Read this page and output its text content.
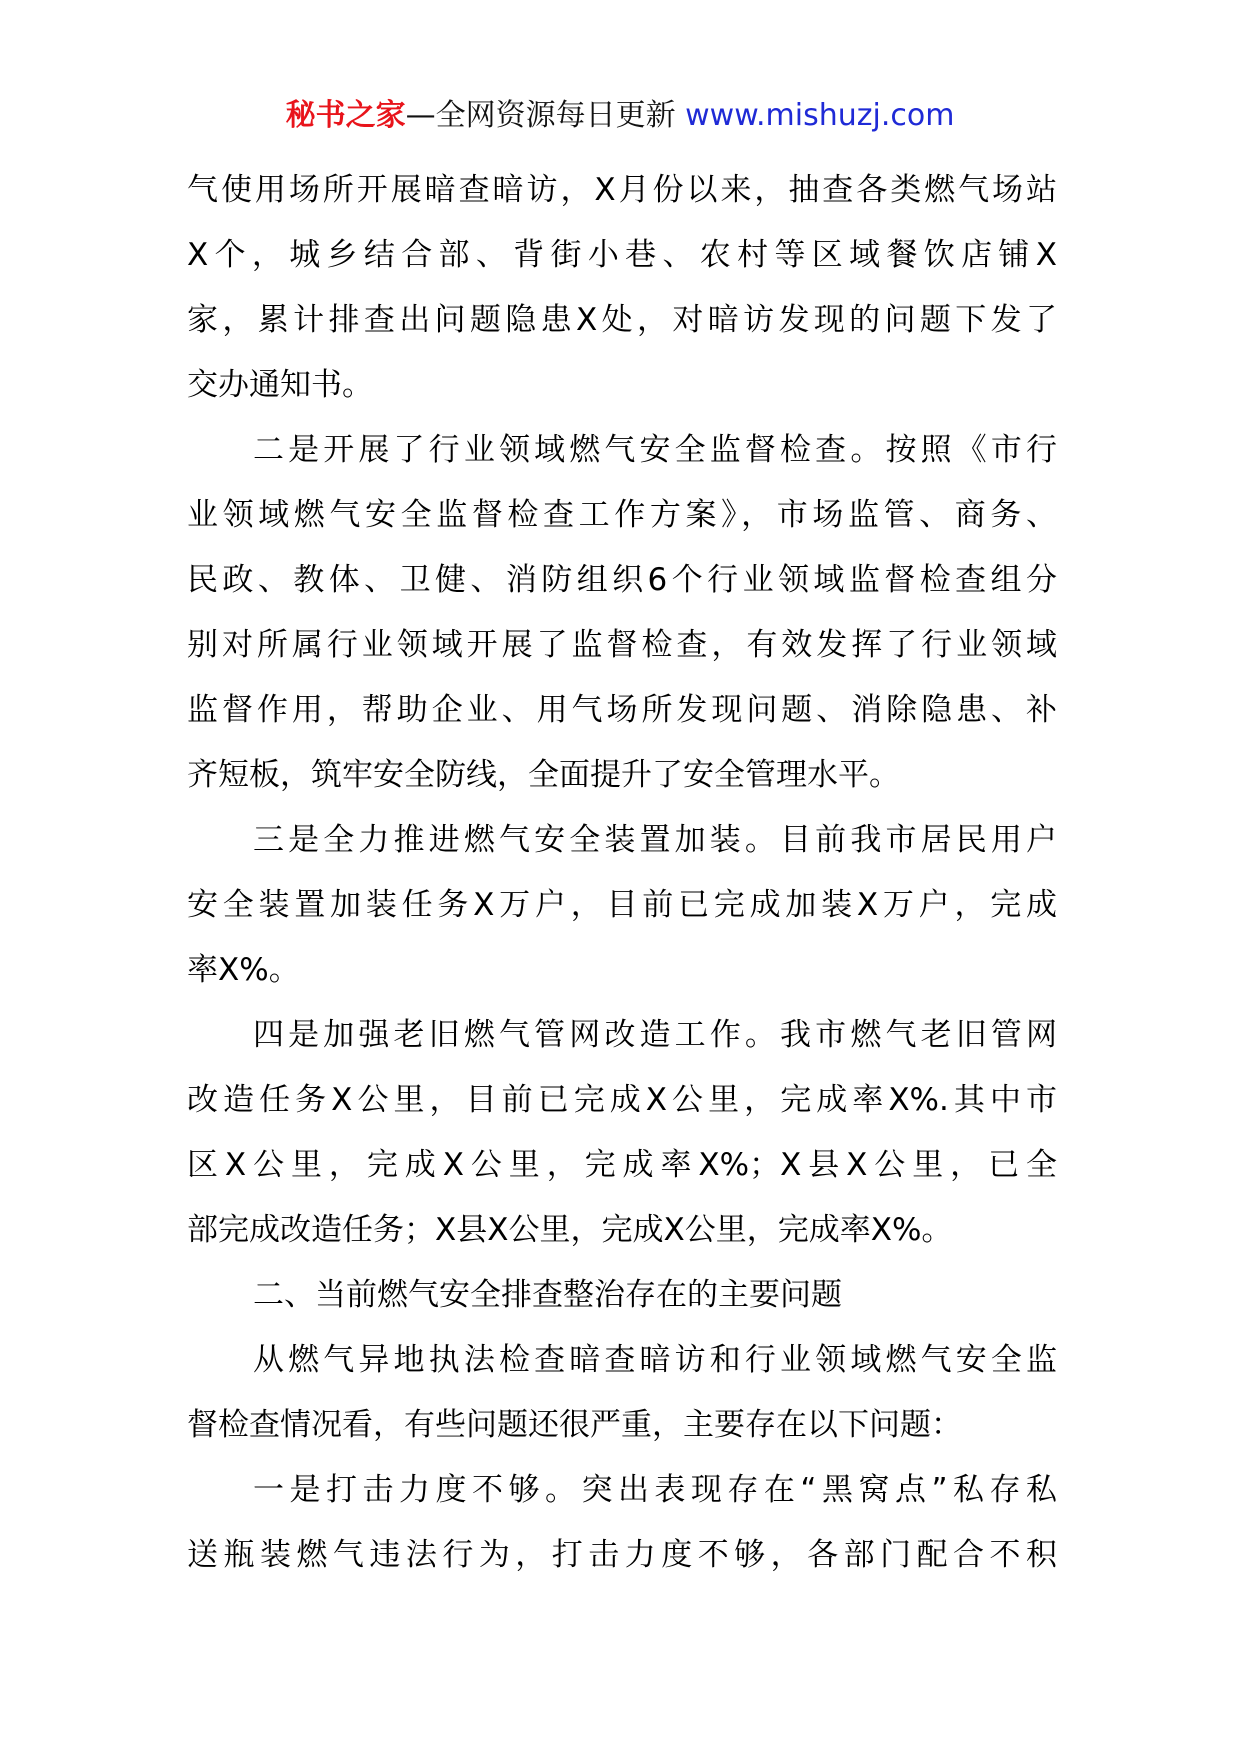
秘书之家—全网资源每日更新 www.mishuzj.com
气使用场所开展暗查暗访，X月份以来，抽查各类燃气场站
X个，城乡结合部、背街小巷、农村等区域餐饮店铺X
家，累计排查出问题隐患X处，对暗访发现的问题下发了
交办通知书。
二是开展了行业领域燃气安全监督检查。按照《市行
业领域燃气安全监督检查工作方案》，市场监管、商务、
民政、教体、卫健、消防组织6个行业领域监督检查组分
别对所属行业领域开展了监督检查，有效发挥了行业领域
监督作用，帮助企业、用气场所发现问题、消除隐患、补
齐短板，筑牢安全防线，全面提升了安全管理水平。
三是全力推进燃气安全装置加装。目前我市居民用户
安全装置加装任务X万户，目前已完成加装X万户，完成
率X%。
四是加强老旧燃气管网改造工作。我市燃气老旧管网
改造任务X公里，目前已完成X公里，完成率X%.其中市
区X公里，完成X公里，完成率X%；X县X公里，已全
部完成改造任务；X县X公里，完成X公里，完成率X%。
二、当前燃气安全排查整治存在的主要问题
从燃气异地执法检查暗查暗访和行业领域燃气安全监
督检查情况看，有些问题还很严重，主要存在以下问题：
一是打击力度不够。突出表现存在“黑窝点”私存私
送瓶装燃气违法行为，打击力度不够，各部门配合不积
